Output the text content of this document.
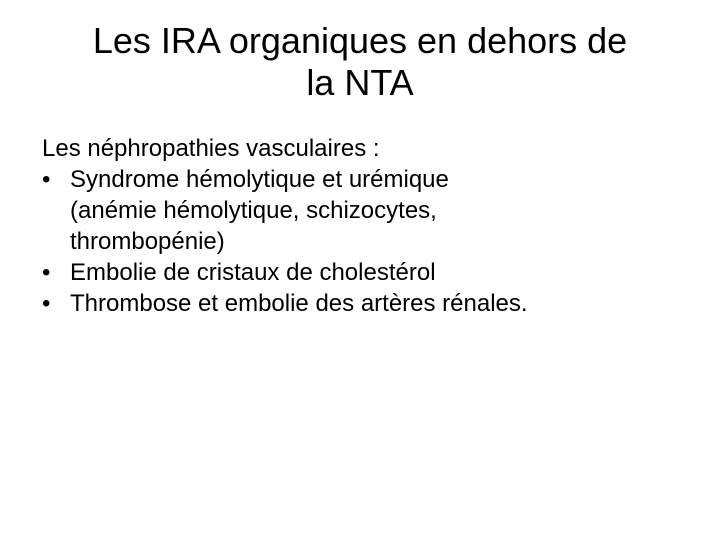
Les IRA organiques en dehors de
la NTA

Les néphropathies vasculaires :

• Syndrome hémolytique et urémique
(anémie hémolytique, schizocytes,
thrombopénie)
• Embolie de cristaux de cholestérol
• Thrombose et embolie des artères rénales.
